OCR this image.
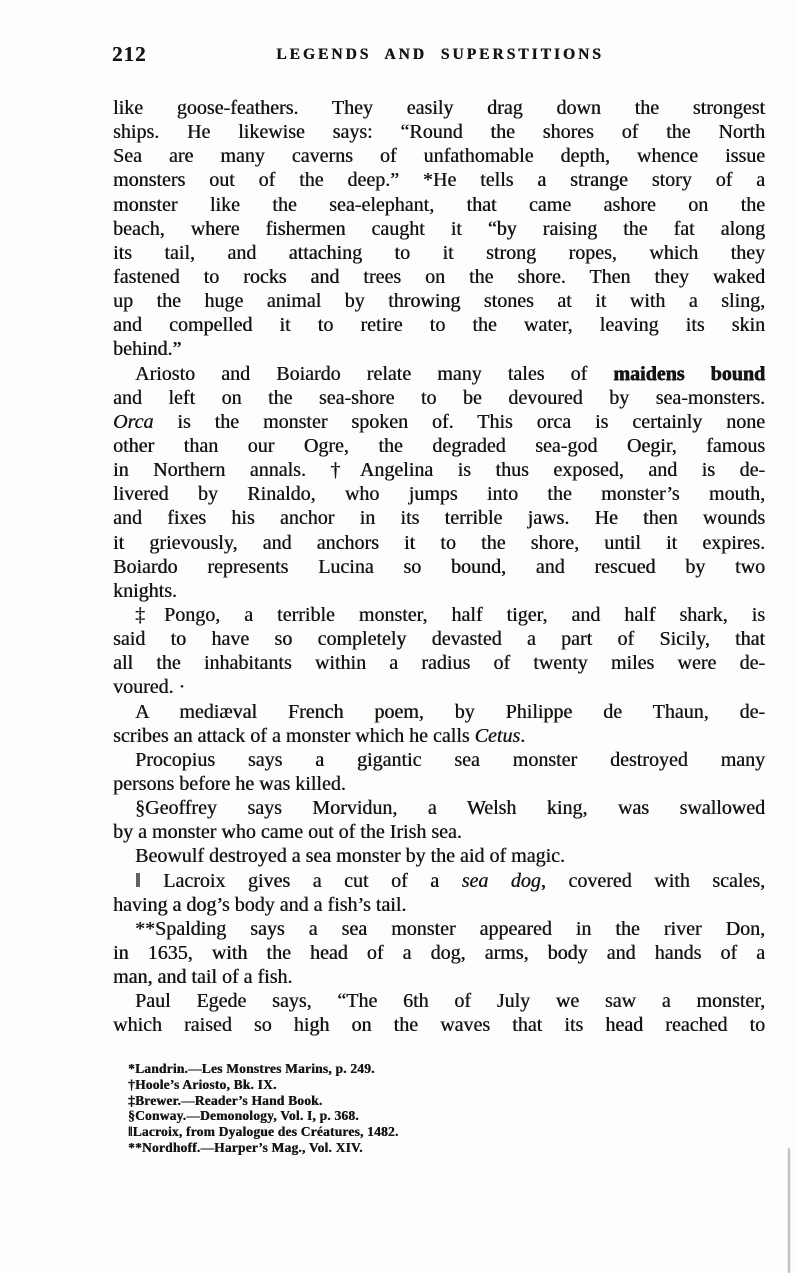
212	LEGENDS AND SUPERSTITIONS
like goose-feathers. They easily drag down the strongest
ships. He likewise says: “Round the shores of the North
Sea are many caverns of unfathomable depth, whence issue
monsters out of the deep.” *He tells a strange story of a
monster like the sea-elephant, that came ashore on the
beach, where fishermen caught it “by raising the fat along
its tail, and attaching to it strong ropes, which they
fastened to rocks and trees on the shore. Then they waked
up the huge animal by throwing stones at it with a sling,
and compelled it to retire to the water, leaving its skin
behind.”
Ariosto and Boiardo relate many tales of maidens bound
and left on the sea-shore to be devoured by sea-monsters.
Orca is the monster spoken of. This orca is certainly none
other than our Ogre, the degraded sea-god Oegir, famous
in Northern annals. †Angelina is thus exposed, and is de-
livered by Rinaldo, who jumps into the monster’s mouth,
and fixes his anchor in its terrible jaws. He then wounds
it grievously, and anchors it to the shore, until it expires.
Boiardo represents Lucina so bound, and rescued by two
knights.
‡Pongo, a terrible monster, half tiger, and half shark, is
said to have so completely devasted a part of Sicily, that
all the inhabitants within a radius of twenty miles were de-
voured. ·
A mediæval French poem, by Philippe de Thaun, de-
scribes an attack of a monster which he calls Cetus.
Procopius says a gigantic sea monster destroyed many
persons before he was killed.
§Geoffrey says Morvidun, a Welsh king, was swallowed
by a monster who came out of the Irish sea.
Beowulf destroyed a sea monster by the aid of magic.
‖ Lacroix gives a cut of a sea dog, covered with scales,
having a dog’s body and a fish’s tail.
**Spalding says a sea monster appeared in the river Don,
in 1635, with the head of a dog, arms, body and hands of a
man, and tail of a fish.
Paul Egede says, “The 6th of July we saw a monster,
which raised so high on the waves that its head reached to
*Landrin.—Les Monstres Marins, p. 249.
†Hoole’s Ariosto, Bk. IX.
‡Brewer.—Reader’s Hand Book.
§Conway.—Demonology, Vol. I, p. 368.
‖Lacroix, from Dyalogue des Créatures, 1482.
**Nordhoff.—Harper’s Mag., Vol. XIV.
